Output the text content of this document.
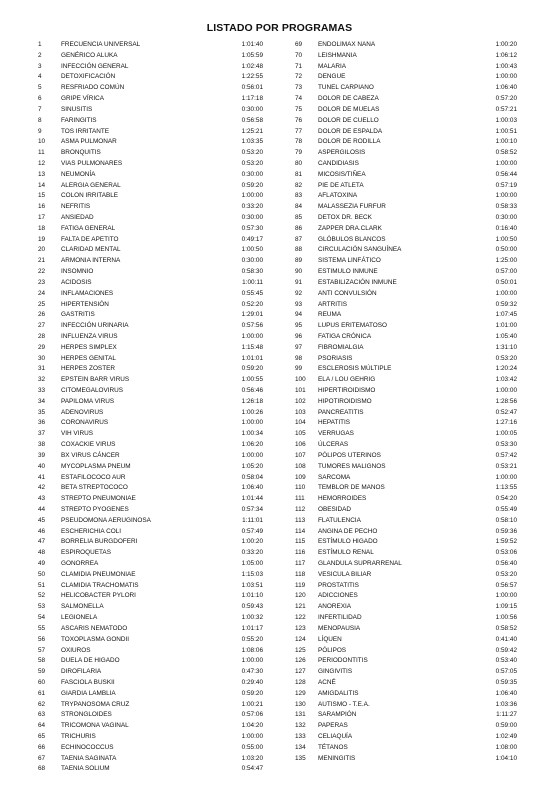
LISTADO POR PROGRAMAS
1	FRECUENCIA UNIVERSAL	1:01:40
2	GENÉRICO ALUKA	1:05:59
3	INFECCIÓN GENERAL	1:02:48
4	DETOXIFICACIÓN	1:22:55
5	RESFRIADO COMÚN	0:56:01
6	GRIPE VÍRICA	1:17:18
7	SINUSITIS	0:30:00
8	FARINGITIS	0:56:58
9	TOS IRRITANTE	1:25:21
10	ASMA PULMONAR	1:03:35
11	BRONQUITIS	0:53:20
12	VIAS PULMONARES	0:53:20
13	NEUMONÍA	0:30:00
14	ALERGIA GENERAL	0:59:20
15	COLON IRRITABLE	1:00:00
16	NEFRITIS	0:33:20
17	ANSIEDAD	0:30:00
18	FATIGA GENERAL	0:57:30
19	FALTA DE APETITO	0:49:17
20	CLARIDAD MENTAL	1:00:50
21	ARMONIA INTERNA	0:30:00
22	INSOMNIO	0:58:30
23	ACIDOSIS	1:00:11
24	INFLAMACIONES	0:55:45
25	HIPERTENSIÓN	0:52:20
26	GASTRITIS	1:29:01
27	INFECCIÓN URINARIA	0:57:56
28	INFLUENZA VIRUS	1:00:00
29	HERPES SIMPLEX	1:15:48
30	HERPES GENITAL	1:01:01
31	HERPES ZOSTER	0:59:20
32	EPSTEIN BARR VIRUS	1:00:55
33	CITOMEGALOVIRUS	0:56:46
34	PAPILOMA VIRUS	1:26:18
35	ADENOVIRUS	1:00:26
36	CORONAVIRUS	1:00:00
37	VIH VIRUS	1:00:34
38	COXACKIE VIRUS	1:06:20
39	BX VIRUS CÁNCER	1:00:00
40	MYCOPLASMA PNEUM	1:05:20
41	ESTAFILOCOCO AUR	0:58:04
42	BETA STREPTOCOCO	1:06:40
43	STREPTO PNEUMONIAE	1:01:44
44	STREPTO PYOGENES	0:57:34
45	PSEUDOMONA AERUGINOSA	1:11:01
46	ESCHERICHIA COLI	0:57:49
47	BORRELIA BURGDOFERI	1:00:20
48	ESPIROQUETAS	0:33:20
49	GONORREA	1:05:00
50	CLAMIDIA PNEUMONIAE	1:15:03
51	CLAMIDIA TRACHOMATIS	1:03:51
52	HELICOBACTER PYLORI	1:01:10
53	SALMONELLA	0:59:43
54	LEGIONELA	1:00:32
55	ASCARIS NEMATODO	1:01:17
56	TOXOPLASMA GONDII	0:55:20
57	OXIUROS	1:08:06
58	DUELA DE HIGADO	1:00:00
59	DIROFILARIA	0:47:30
60	FASCIOLA BUSKII	0:29:40
61	GIARDIA LAMBLIA	0:59:20
62	TRYPANOSOMA CRUZ	1:00:21
63	STRONGLOIDES	0:57:06
64	TRICOMONA VAGINAL	1:04:20
65	TRICHURIS	1:00:00
66	ECHINOCOCCUS	0:55:00
67	TAENIA SAGINATA	1:03:20
68	TAENIA SOLIUM	0:54:47
69	ENDOLIMAX NANA	1:00:20
70	LEISHMANIA	1:06:12
71	MALARIA	1:00:43
72	DENGUE	1:00:00
73	TUNEL CARPIANO	1:06:40
74	DOLOR DE CABEZA	0:57:20
75	DOLOR DE MUELAS	0:57:21
76	DOLOR DE CUELLO	1:00:03
77	DOLOR DE ESPALDA	1:00:51
78	DOLOR DE RODILLA	1:00:10
79	ASPERGILOSIS	0:58:52
80	CANDIDIASIS	1:00:00
81	MICOSIS/TIÑEA	0:56:44
82	PIE DE ATLETA	0:57:19
83	AFLATOXINA	1:00:00
84	MALASSEZIA FURFUR	0:58:33
85	DETOX DR. BECK	0:30:00
86	ZAPPER DRA.CLARK	0:16:40
87	GLÓBULOS BLANCOS	1:00:50
88	CIRCULACIÓN SANGUÍNEA	0:50:00
89	SISTEMA LINFÁTICO	1:25:00
90	ESTIMULO INMUNE	0:57:00
91	ESTABILIZACIÓN INMUNE	0:50:01
92	ANTI CONVULSIÓN	1:00:00
93	ARTRITIS	0:59:32
94	REUMA	1:07:45
95	LUPUS ERITEMATOSO	1:01:00
96	FATIGA CRÓNICA	1:05:40
97	FIBROMIALGIA	1:31:10
98	PSORIASIS	0:53:20
99	ESCLEROSIS MÚLTIPLE	1:20:24
100	ELA / LOU GEHRIG	1:03:42
101	HIPERTIROIDISMO	1:00:00
102	HIPOTIROIDISMO	1:28:56
103	PANCREATITIS	0:52:47
104	HEPATITIS	1:27:16
105	VERRUGAS	1:00:05
106	ÚLCERAS	0:53:30
107	PÓLIPOS UTERINOS	0:57:42
108	TUMORES MALIGNOS	0:53:21
109	SARCOMA	1:00:00
110	TEMBLOR DE MANOS	1:13:55
111	HEMORROIDES	0:54:20
112	OBESIDAD	0:55:49
113	FLATULENCIA	0:58:10
114	ANGINA DE PECHO	0:59:36
115	ESTÍMULO HIGADO	1:59:52
116	ESTÍMULO RENAL	0:53:06
117	GLANDULA SUPRARRENAL	0:56:40
118	VESICULA BILIAR	0:53:20
119	PROSTATITIS	0:56:57
120	ADICCIONES	1:00:00
121	ANOREXIA	1:09:15
122	INFERTILIDAD	1:00:56
123	MENOPAUSIA	0:58:52
124	LÍQUEN	0:41:40
125	PÓLIPOS	0:59:42
126	PERIODONTITIS	0:53:40
127	GINGIVITIS	0:57:05
128	ACNÉ	0:59:35
129	AMIGDALITIS	1:06:40
130	AUTISMO - T.E.A.	1:03:36
131	SARAMPIÓN	1:11:27
132	PAPERAS	0:59:00
133	CELIAQUÍA	1:02:49
134	TÉTANOS	1:08:00
135	MENINGITIS	1:04:10
